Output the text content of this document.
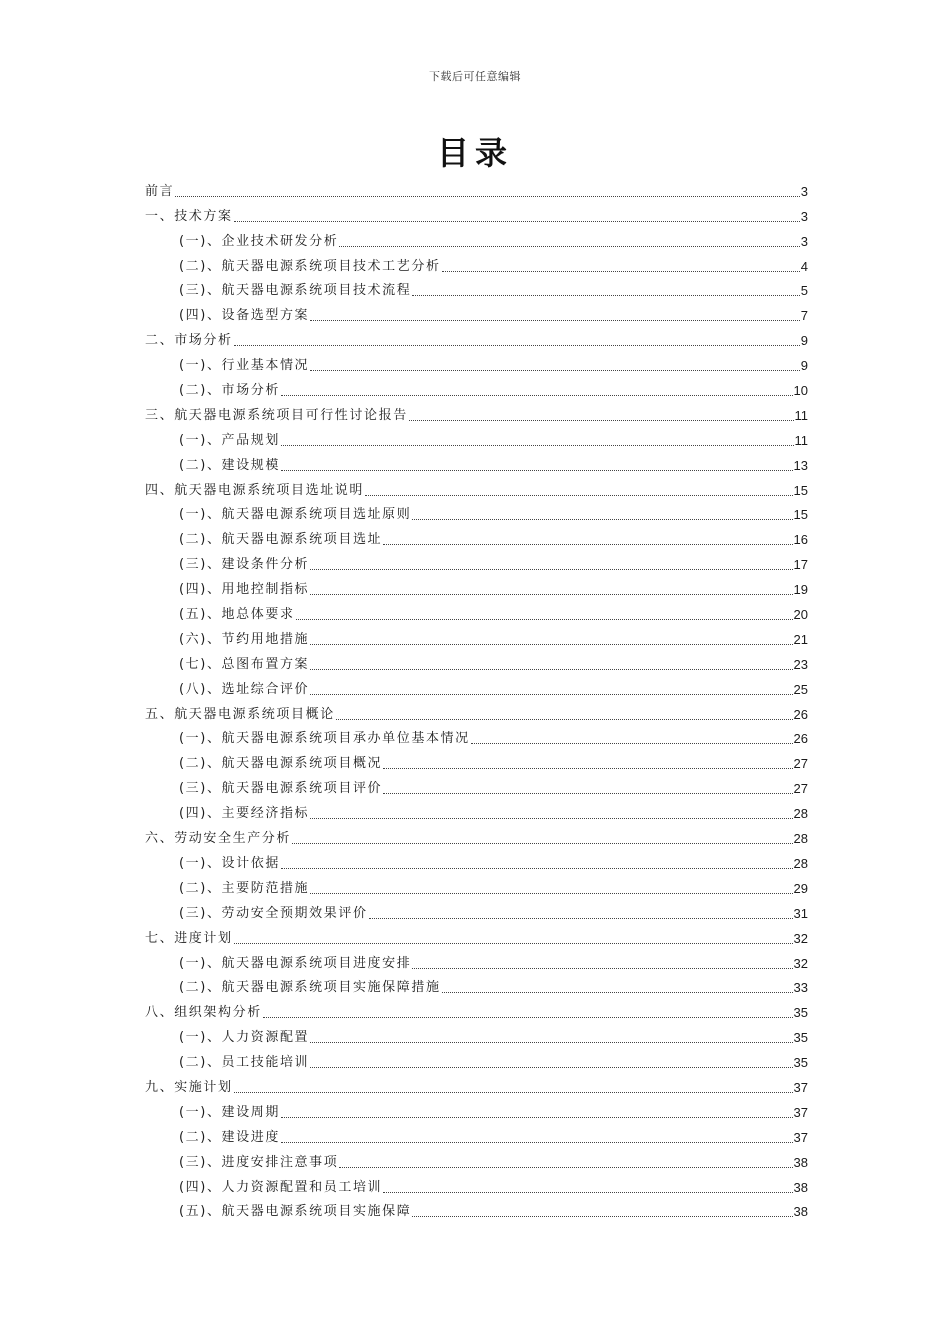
下载后可任意编辑
目录
前言	3
一、技术方案	3
(一)、企业技术研发分析	3
(二)、航天器电源系统项目技术工艺分析	4
(三)、航天器电源系统项目技术流程	5
(四)、设备选型方案	7
二、市场分析	9
(一)、行业基本情况	9
(二)、市场分析	10
三、航天器电源系统项目可行性讨论报告	11
(一)、产品规划	11
(二)、建设规模	13
四、航天器电源系统项目选址说明	15
(一)、航天器电源系统项目选址原则	15
(二)、航天器电源系统项目选址	16
(三)、建设条件分析	17
(四)、用地控制指标	19
(五)、地总体要求	20
(六)、节约用地措施	21
(七)、总图布置方案	23
(八)、选址综合评价	25
五、航天器电源系统项目概论	26
(一)、航天器电源系统项目承办单位基本情况	26
(二)、航天器电源系统项目概况	27
(三)、航天器电源系统项目评价	27
(四)、主要经济指标	28
六、劳动安全生产分析	28
(一)、设计依据	28
(二)、主要防范措施	29
(三)、劳动安全预期效果评价	31
七、进度计划	32
(一)、航天器电源系统项目进度安排	32
(二)、航天器电源系统项目实施保障措施	33
八、组织架构分析	35
(一)、人力资源配置	35
(二)、员工技能培训	35
九、实施计划	37
(一)、建设周期	37
(二)、建设进度	37
(三)、进度安排注意事项	38
(四)、人力资源配置和员工培训	38
(五)、航天器电源系统项目实施保障	38
